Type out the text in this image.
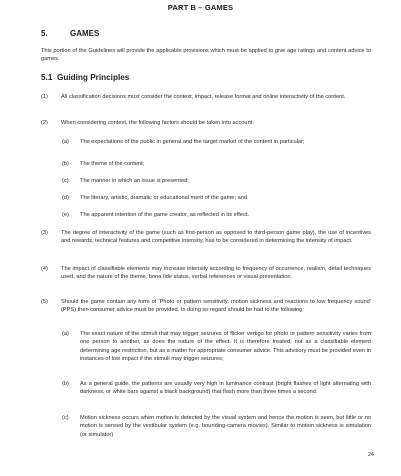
PART B – GAMES
5.	GAMES
This portion of the Guidelines will provide the applicable provisions which must be applied to give age ratings and content advice to games.
5.1 Guiding Principles
(1) All classification decisions must consider the context, impact, release format and online interactivity of the content.
(2) When considering context, the following factors should be taken into account:
(a) The expectations of the public in general and the target market of the content in particular;
(b) The theme of the content;
(c) The manner in which an issue is presented;
(d) The literary, artistic, dramatic or educational merit of the game; and
(e) The apparent intention of the game creator, as reflected in its effect.
(3) The degree of interactivity of the game (such as first-person as opposed to third-person game play), the use of incentives and rewards, technical features and competitive intensity, has to be considered in determining the intensity of impact.
(4) The impact of classifiable elements may increase intensity according to frequency of occurrence, realism, detail techniques used, and the nature of the theme, bona fide status, verbal references or visual presentation.
(5) Should the game contain any form of ‘Photo or pattern sensitivity, motion sickness and reactions to low frequency sound’ (PPS) then consumer advice must be provided. In doing so regard should be had to the following:
(a) The exact nature of the stimuli that may trigger seizures of flicker vertigo for photo or pattern sensitivity varies from one person to another, as does the nature of the effect. It is therefore treated, not as a classifiable element determining age restriction, but as a matter for appropriate consumer advice. This advisory must be provided even in instances of low impact if the stimuli may trigger seizures;
(b) As a general guide, the patterns are usually very high in luminance contrast (bright flashes of light alternating with darkness, or white bars against a black background) that flash more than three times a second;
(c) Motion sickness occurs when motion is detected by the visual system and hence the motion is seen, but little or no motion is sensed by the vestibular system (e.g. bounding-camera movies). Similar to motion sickness is simulation (or simulator)
24
